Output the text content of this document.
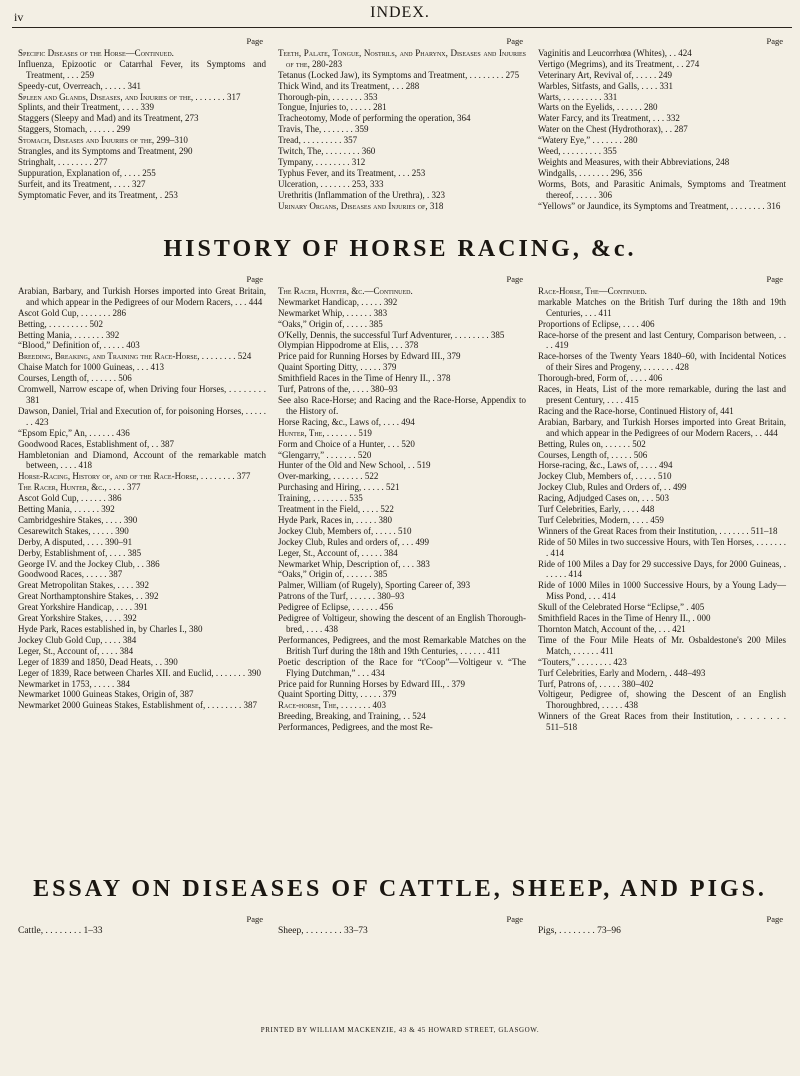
iv	INDEX.
Page
Specific Diseases of the Horse—Continued.
Influenza, Epizootic or Catarrhal Fever, its Symptoms and Treatment, . . . 259
Speedy-cut, Overreach, . . . . . 341
Spleen and Glands, Diseases, and Injuries of the, . . . . . . . 317
Splints, and their Treatment, . . . . 339
Staggers (Sleepy and Mad) and its Treatment, 273
Staggers, Stomach, . . . . . . 299
Stomach, Diseases and Injuries of the, 299–310
Strangles, and its Symptoms and Treatment, 290
Stringhalt, . . . . . . . . 277
Suppuration, Explanation of, . . . . 255
Surfeit, and its Treatment, . . . . 327
Symptomatic Fever, and its Treatment, . 253
Page
Teeth, Palate, Tongue, Nostrils, and Pharynx, Diseases and Injuries of the, 280-283
Tetanus (Locked Jaw), its Symptoms and Treatment, . . . . . . . . 275
Thick Wind, and its Treatment, . . . 288
Thorough-pin, . . . . . . . 353
Tongue, Injuries to, . . . . . 281
Tracheotomy, Mode of performing the operation, 364
Travis, The, . . . . . . . 359
Tread, . . . . . . . . . 357
Twitch, The, . . . . . . . . 360
Tympany, . . . . . . . . 312
Typhus Fever, and its Treatment, . . . 253
Ulceration, . . . . . . . 253, 333
Urethritis (Inflammation of the Urethra), . 323
Urinary Organs, Diseases and Injuries of, 318
Page
Vaginitis and Leucorrhœa (Whites), . . 424
Vertigo (Megrims), and its Treatment, . . 274
Veterinary Art, Revival of, . . . . . 249
Warbles, Sitfasts, and Galls, . . . . 331
Warts, . . . . . . . . . 331
Warts on the Eyelids, . . . . . . 280
Water Farcy, and its Treatment, . . . 332
Water on the Chest (Hydrothorax), . . 287
“Watery Eye,” . . . . . . . 280
Weed, . . . . . . . . . 355
Weights and Measures, with their Abbreviations, 248
Windgalls, . . . . . . . 296, 356
Worms, Bots, and Parasitic Animals, Symptoms and Treatment thereof, . . . . . 306
“Yellows” or Jaundice, its Symptoms and Treatment, . . . . . . . . 316
HISTORY OF HORSE RACING, &c.
Page
Arabian, Barbary, and Turkish Horses imported into Great Britain, and which appear in the Pedigrees of our Modern Racers, . . . 444
Ascot Gold Cup, . . . . . . . 286
Betting, . . . . . . . . . 502
Betting Mania, . . . . . . . 392
“Blood,” Definition of, . . . . . 403
Breeding, Breaking, and Training the Race-Horse, . . . . . . . . 524
Chaise Match for 1000 Guineas, . . . 413
Courses, Length of, . . . . . . 506
Cromwell, Narrow escape of, when Driving four Horses, . . . . . . . . 381
Dawson, Daniel, Trial and Execution of, for poisoning Horses, . . . . . . . 423
“Epsom Epic,” An, . . . . . . 436
Goodwood Races, Establishment of, . . 387
Hambletonian and Diamond, Account of the remarkable match between, . . . . 418
Horse-Racing, History of, and of the Race-Horse, . . . . . . . . 377
The Racer, Hunter, &c., . . . . 377
Ascot Gold Cup, . . . . . . 386
Betting Mania, . . . . . . 392
Cambridgeshire Stakes, . . . . 390
Cesarewitch Stakes, . . . . . 390
Derby, A disputed, . . . . 390–91
Derby, Establishment of, . . . . 385
George IV. and the Jockey Club, . . 386
Goodwood Races, . . . . . 387
Great Metropolitan Stakes, . . . . 392
Great Northamptonshire Stakes, . . 392
Great Yorkshire Handicap, . . . . 391
Great Yorkshire Stakes, . . . . 392
Hyde Park, Races established in, by Charles I., 380
Jockey Club Gold Cup, . . . . 384
Leger, St., Account of, . . . . 384
Leger of 1839 and 1850, Dead Heats, . . 390
Leger of 1839, Race between Charles XII. and Euclid, . . . . . . . 390
Newmarket in 1753, . . . . . 384
Newmarket 1000 Guineas Stakes, Origin of, 387
Newmarket 2000 Guineas Stakes, Establishment of, . . . . . . . . 387
Page
The Racer, Hunter, &c.—Continued.
Newmarket Handicap, . . . . . 392
Newmarket Whip, . . . . . . 383
“Oaks,” Origin of, . . . . . 385
O'Kelly, Dennis, the successful Turf Adventurer, . . . . . . . . 385
Olympian Hippodrome at Elis, . . . 378
Price paid for Running Horses by Edward III., 379
Quaint Sporting Ditty, . . . . . 379
Smithfield Races in the Time of Henry II., . 378
Turf, Patrons of the, . . . . 380–93
See also Race-Horse; and Racing and the Race-Horse, Appendix to the History of.
Horse Racing, &c., Laws of, . . . . 494
Hunter, The, . . . . . . . 519
Form and Choice of a Hunter, . . . 520
“Glengarry,” . . . . . . . 520
Hunter of the Old and New School, . . 519
Over-marking, . . . . . . . 522
Purchasing and Hiring, . . . . . 521
Training, . . . . . . . . 535
Treatment in the Field, . . . . 522
Hyde Park, Races in, . . . . . 380
Jockey Club, Members of, . . . . . 510
Jockey Club, Rules and orders of, . . . 499
Leger, St., Account of, . . . . . 384
Newmarket Whip, Description of, . . . 383
“Oaks,” Origin of, . . . . . . 385
Palmer, William (of Rugely), Sporting Career of, 393
Patrons of the Turf, . . . . . . 380–93
Pedigree of Eclipse, . . . . . . 456
Pedigree of Voltigeur, showing the descent of an English Thorough-bred, . . . . 438
Performances, Pedigrees, and the most Remarkable Matches on the British Turf during the 18th and 19th Centuries, . . . . . . 411
Poetic description of the Race for “t'Coop”—Voltigeur v. “The Flying Dutchman,” . . . 434
Price paid for Running Horses by Edward III., . 379
Quaint Sporting Ditty, . . . . . 379
Race-horse, The, . . . . . . . 403
Breeding, Breaking, and Training, . . 524
Performances, Pedigrees, and the most Re-
Page
Race-Horse, The—Continued.
markable Matches on the British Turf during the 18th and 19th Centuries, . . . 411
Proportions of Eclipse, . . . . 406
Race-horse of the present and last Century, Comparison between, . . . . 419
Race-horses of the Twenty Years 1840–60, with Incidental Notices of their Sires and Progeny, . . . . . . . 428
Thorough-bred, Form of, . . . . 406
Races, in Heats, List of the more remarkable, during the last and present Century, . . . . 415
Racing and the Race-horse, Continued History of, 441
Arabian, Barbary, and Turkish Horses imported into Great Britain, and which appear in the Pedigrees of our Modern Racers, . . 444
Betting, Rules on, . . . . . . 502
Courses, Length of, . . . . . 506
Horse-racing, &c., Laws of, . . . . 494
Jockey Club, Members of, . . . . . 510
Jockey Club, Rules and Orders of, . . 499
Racing, Adjudged Cases on, . . . 503
Turf Celebrities, Early, . . . . 448
Turf Celebrities, Modern, . . . . 459
Winners of the Great Races from their Institution, . . . . . . . 511–18
Ride of 50 Miles in two successive Hours, with Ten Horses, . . . . . . . . 414
Ride of 100 Miles a Day for 29 successive Days, for 2000 Guineas, . . . . . . 414
Ride of 1000 Miles in 1000 Successive Hours, by a Young Lady—Miss Pond, . . . 414
Skull of the Celebrated Horse “Eclipse,” . 405
Smithfield Races in the Time of Henry II., . 000
Thornton Match, Account of the, . . . 421
Time of the Four Mile Heats of Mr. Osbaldestone's 200 Miles Match, . . . . . . 411
“Touters,” . . . . . . . . 423
Turf Celebrities, Early and Modern, . 448–493
Turf, Patrons of, . . . . . 380–402
Voltigeur, Pedigree of, showing the Descent of an English Thoroughbred, . . . . . 438
Winners of the Great Races from their Institution, . . . . . . . . 511–518
ESSAY ON DISEASES OF CATTLE, SHEEP, AND PIGS.
Page
Cattle, . . . . . . . . 1–33
Page
Sheep, . . . . . . . . 33–73
Page
Pigs, . . . . . . . . 73–96
PRINTED BY WILLIAM MACKENZIE, 43 & 45 HOWARD STREET, GLASGOW.
